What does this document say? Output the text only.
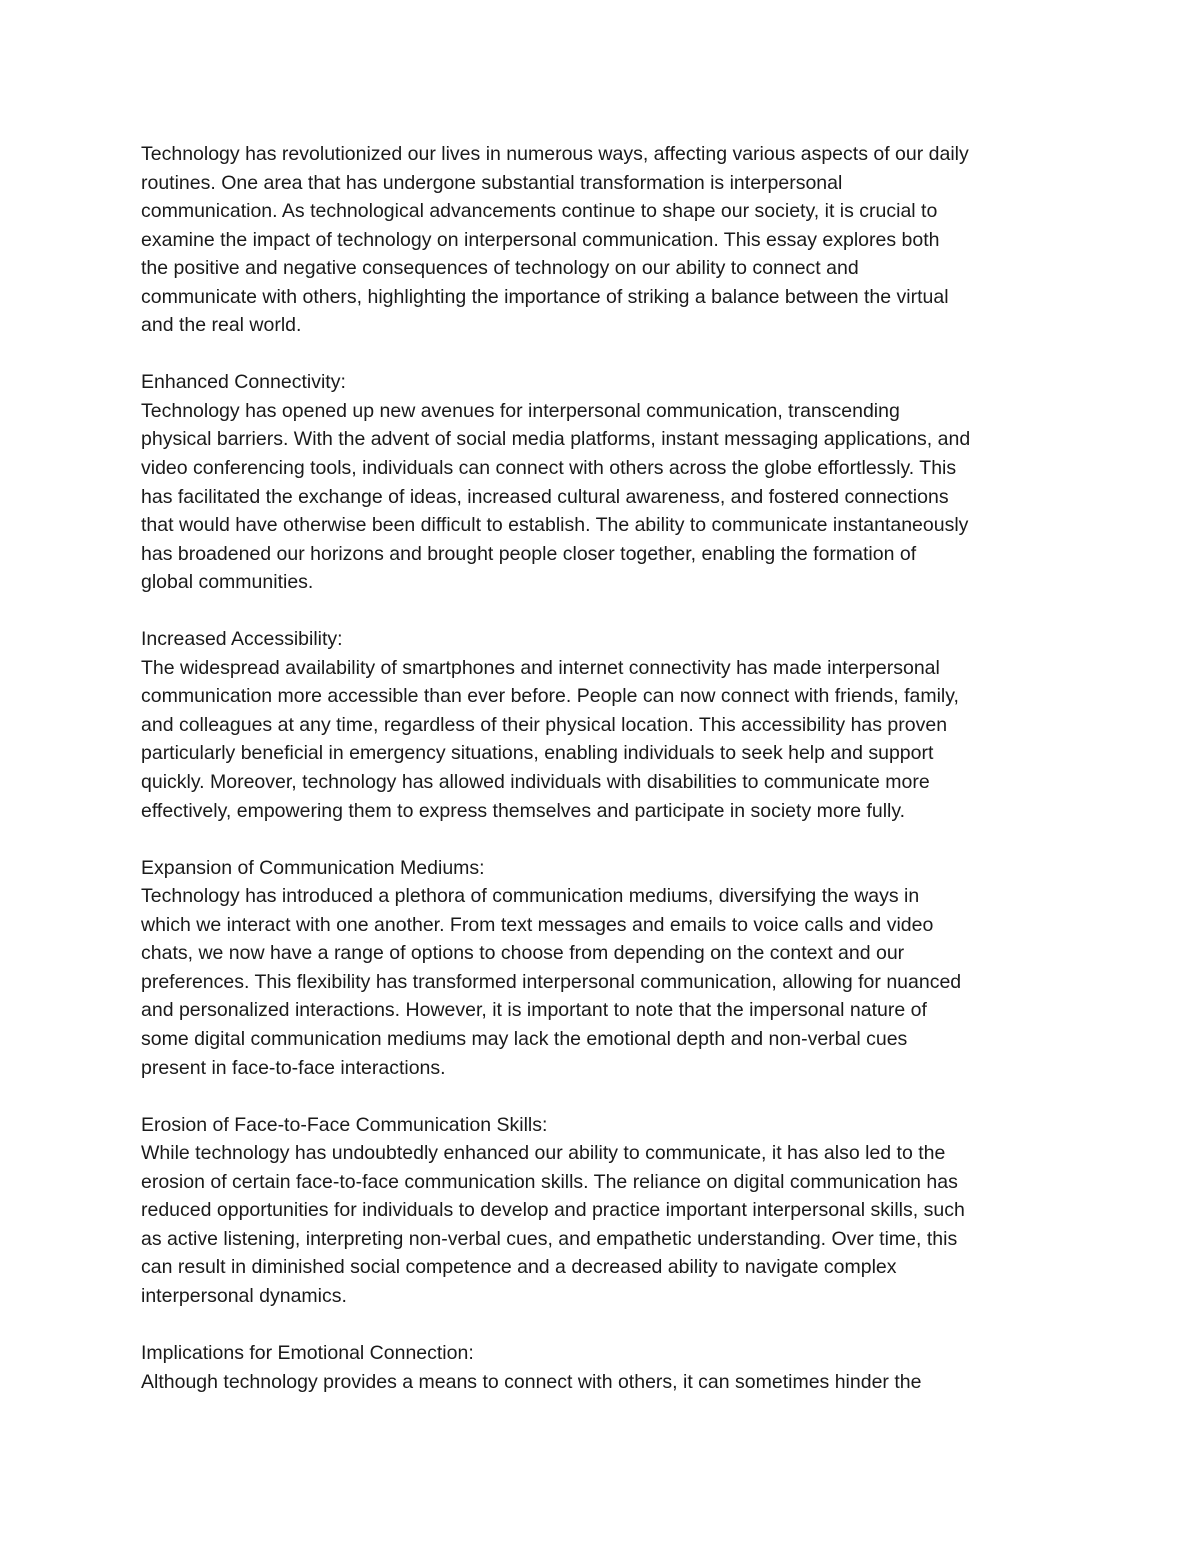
Technology has revolutionized our lives in numerous ways, affecting various aspects of our daily
routines. One area that has undergone substantial transformation is interpersonal
communication. As technological advancements continue to shape our society, it is crucial to
examine the impact of technology on interpersonal communication. This essay explores both
the positive and negative consequences of technology on our ability to connect and
communicate with others, highlighting the importance of striking a balance between the virtual
and the real world.
Enhanced Connectivity:
Technology has opened up new avenues for interpersonal communication, transcending
physical barriers. With the advent of social media platforms, instant messaging applications, and
video conferencing tools, individuals can connect with others across the globe effortlessly. This
has facilitated the exchange of ideas, increased cultural awareness, and fostered connections
that would have otherwise been difficult to establish. The ability to communicate instantaneously
has broadened our horizons and brought people closer together, enabling the formation of
global communities.
Increased Accessibility:
The widespread availability of smartphones and internet connectivity has made interpersonal
communication more accessible than ever before. People can now connect with friends, family,
and colleagues at any time, regardless of their physical location. This accessibility has proven
particularly beneficial in emergency situations, enabling individuals to seek help and support
quickly. Moreover, technology has allowed individuals with disabilities to communicate more
effectively, empowering them to express themselves and participate in society more fully.
Expansion of Communication Mediums:
Technology has introduced a plethora of communication mediums, diversifying the ways in
which we interact with one another. From text messages and emails to voice calls and video
chats, we now have a range of options to choose from depending on the context and our
preferences. This flexibility has transformed interpersonal communication, allowing for nuanced
and personalized interactions. However, it is important to note that the impersonal nature of
some digital communication mediums may lack the emotional depth and non-verbal cues
present in face-to-face interactions.
Erosion of Face-to-Face Communication Skills:
While technology has undoubtedly enhanced our ability to communicate, it has also led to the
erosion of certain face-to-face communication skills. The reliance on digital communication has
reduced opportunities for individuals to develop and practice important interpersonal skills, such
as active listening, interpreting non-verbal cues, and empathetic understanding. Over time, this
can result in diminished social competence and a decreased ability to navigate complex
interpersonal dynamics.
Implications for Emotional Connection:
Although technology provides a means to connect with others, it can sometimes hinder the
